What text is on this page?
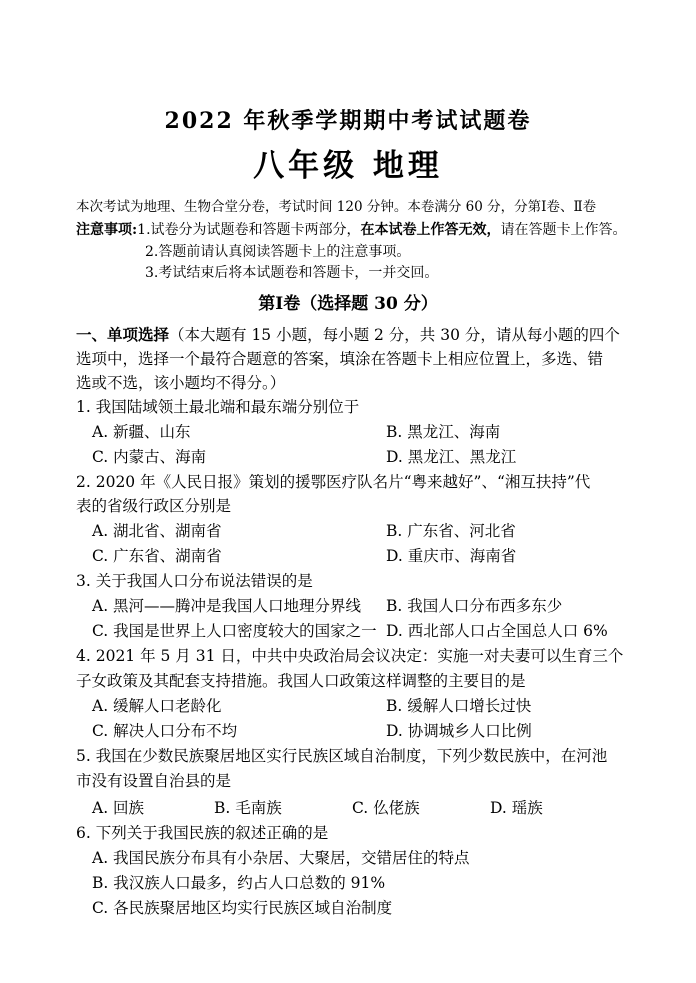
2022 年秋季学期期中考试试题卷
八年级 地理
本次考试为地理、生物合堂分卷，考试时间 120 分钟。本卷满分 60 分，分第Ⅰ卷、Ⅱ卷
注意事项:1.试卷分为试题卷和答题卡两部分，在本试卷上作答无效，请在答题卡上作答。
2.答题前请认真阅读答题卡上的注意事项。
3.考试结束后将本试题卷和答题卡，一并交回。
第Ⅰ卷（选择题 30 分）
一、单项选择（本大题有 15 小题，每小题 2 分，共 30 分，请从每小题的四个
选项中，选择一个最符合题意的答案，填涂在答题卡上相应位置上，多选、错
选或不选，该小题均不得分。）
1. 我国陆域领土最北端和最东端分别位于
A. 新疆、山东	B. 黑龙江、海南
C. 内蒙古、海南	D. 黑龙江、黑龙江
2. 2020 年《人民日报》策划的援鄂医疗队名片“粤来越好”、“湘互扶持”代
表的省级行政区分别是
A. 湖北省、湖南省	B. 广东省、河北省
C. 广东省、湖南省	D. 重庆市、海南省
3. 关于我国人口分布说法错误的是
A. 黑河——腾冲是我国人口地理分界线 B. 我国人口分布西多东少
C. 我国是世界上人口密度较大的国家之一 D. 西北部人口占全国总人口 6%
4. 2021 年 5 月 31 日，中共中央政治局会议决定：实施一对夫妻可以生育三个
子女政策及其配套支持措施。我国人口政策这样调整的主要目的是
A. 缓解人口老龄化	B. 缓解人口增长过快
C. 解决人口分布不均	D. 协调城乡人口比例
5. 我国在少数民族聚居地区实行民族区域自治制度，下列少数民族中，在河池
市没有设置自治县的是
A. 回族	B. 毛南族	C. 仫佬族	D. 瑶族
6. 下列关于我国民族的叙述正确的是
A. 我国民族分布具有小杂居、大聚居，交错居住的特点
B. 我汉族人口最多，约占人口总数的 91%
C. 各民族聚居地区均实行民族区域自治制度
